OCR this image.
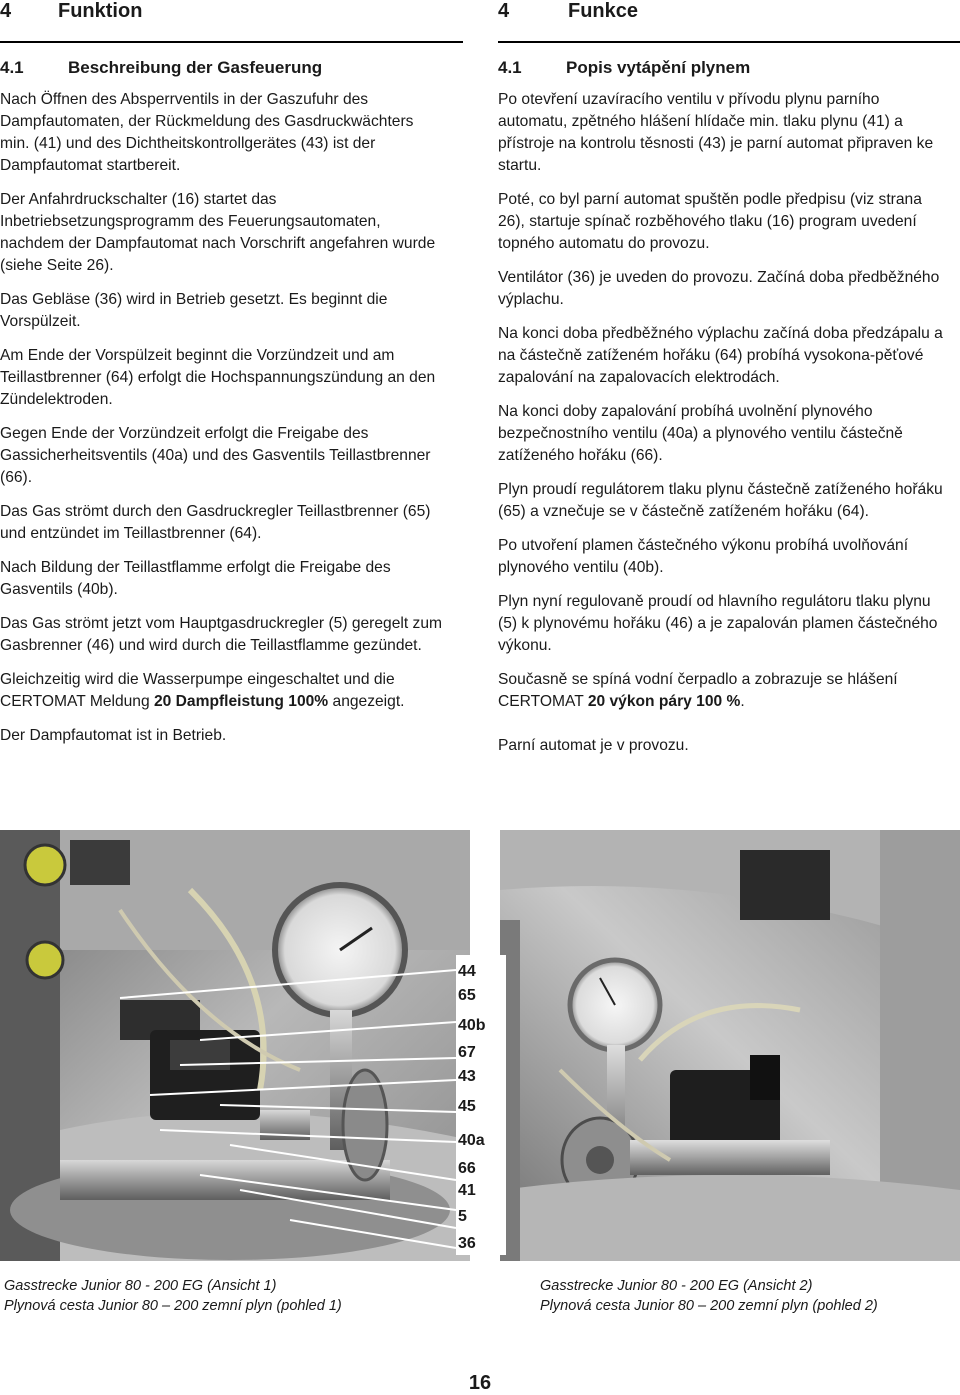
4 Funktion	4	Funkce
4.1	Beschreibung der Gasfeuerung

Nach Öffnen des Absperrventils in der Gaszufuhr des Dampfautomaten, der Rückmeldung des Gasdruckwächters min. (41) und des Dichtheitskontrollgerätes (43) ist der Dampfautomat startbereit.

Der Anfahrdruckschalter (16) startet das Inbetriebsetzungsprogramm des Feuerungsautomaten, nachdem der Dampfautomat nach Vorschrift angefahren wurde (siehe Seite 26).

Das Gebläse (36) wird in Betrieb gesetzt. Es beginnt die Vorspülzeit.

Am Ende der Vorspülzeit beginnt die Vorzündzeit und am Teillastbrenner (64) erfolgt die Hochspannungszündung an den Zündelektroden.

Gegen Ende der Vorzündzeit erfolgt die Freigabe des Gassicherheitsventils (40a) und des Gasventils Teillastbrenner (66).

Das Gas strömt durch den Gasdruckregler Teillastbrenner (65) und entzündet im Teillastbrenner (64).

Nach Bildung der Teillastflamme erfolgt die Freigabe des Gasventils (40b).

Das Gas strömt jetzt vom Hauptgasdruckregler (5) geregelt zum Gasbrenner (46) und wird durch die Teillastflamme gezündet.

Gleichzeitig wird die Wasserpumpe eingeschaltet und die CERTOMAT Meldung 20 Dampfleistung 100% angezeigt.

Der Dampfautomat ist in Betrieb.

4.1	Popis vytápění plynem

Po otevření uzavíracího ventilu v přívodu plynu parního automatu, zpětného hlášení hlídače min. tlaku plynu (41) a přístroje na kontrolu těsnosti (43) je parní automat připraven ke startu.

Poté, co byl parní automat spuštěn podle předpisu (viz strana 26), startuje spínač rozběhového tlaku (16) program uvedení topného automatu do provozu.

Ventilátor (36) je uveden do provozu. Začíná doba předběžného výplachu.

Na konci doba předběžného výplachu začíná doba předzápalu a na částečně zatíženém hořáku (64) probíhá vysokona-pěťové zapalování na zapalovacích elektrodách.

Na konci doby zapalování probíhá uvolnění plynového bezpečnostního ventilu (40a) a plynového ventilu částečně zatíženého hořáku (66).

Plyn proudí regulátorem tlaku plynu částečně zatíženého hořáku (65) a vznečuje se v částečně zatíženém hořáku (64).

Po utvoření plamen částečného výkonu probíhá uvolňování plynového ventilu (40b).

Plyn nyní regulovaně proudí od hlavního regulátoru tlaku plynu (5) k plynovému hořáku (46) a je zapalován plamen částečného výkonu.

Současně se spíná vodní čerpadlo a zobrazuje se hlášení CERTOMAT 20 výkon páry 100 %.

Parní automat je v provozu.

44
65
40b
67
43
45
40a
66
41
5
36
Gasstrecke Junior 80 - 200 EG (Ansicht 1)
Plynová cesta Junior 80 – 200 zemní plyn (pohled 1)
Gasstrecke Junior 80 - 200 EG (Ansicht 2)
Plynová cesta Junior 80 – 200 zemní plyn (pohled 2)
16
